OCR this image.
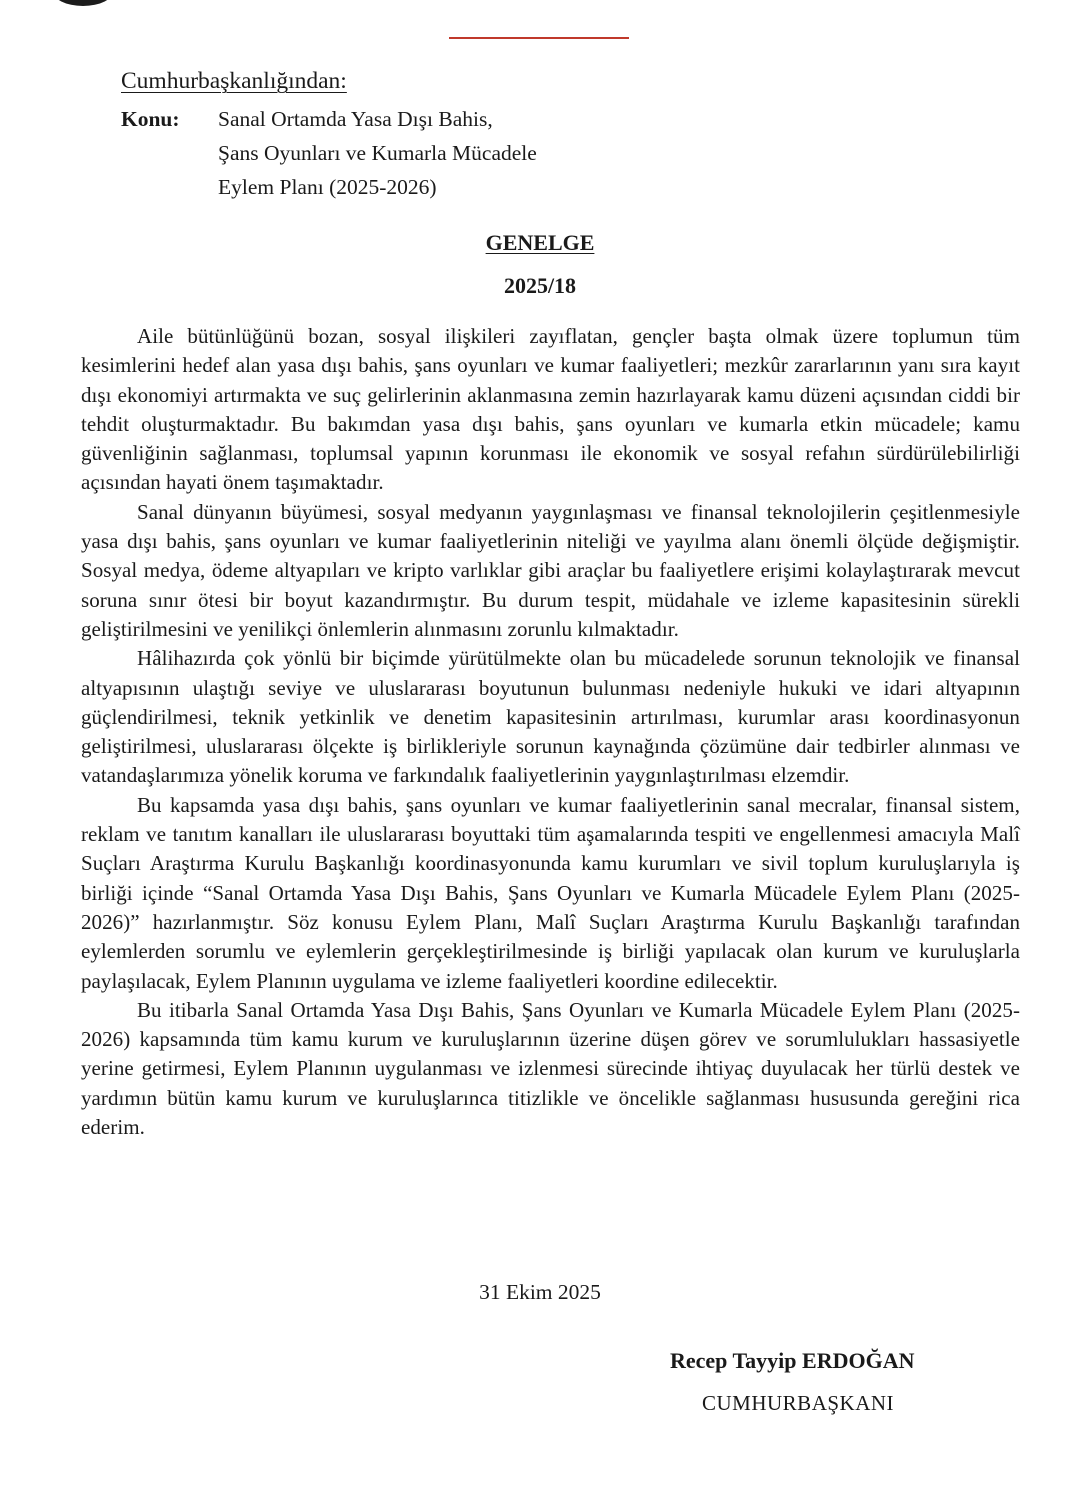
Cumhurbaşkanlığından:
Konu: Sanal Ortamda Yasa Dışı Bahis,
Şans Oyunları ve Kumarla Mücadele
Eylem Planı (2025-2026)
GENELGE
2025/18

Aile bütünlüğünü bozan, sosyal ilişkileri zayıflatan, gençler başta olmak üzere toplumun tüm kesimlerini hedef alan yasa dışı bahis, şans oyunları ve kumar faaliyetleri; mezkûr zararlarının yanı sıra kayıt dışı ekonomiyi artırmakta ve suç gelirlerinin aklanmasına zemin hazırlayarak kamu düzeni açısından ciddi bir tehdit oluşturmaktadır. Bu bakımdan yasa dışı bahis, şans oyunları ve kumarla etkin mücadele; kamu güvenliğinin sağlanması, toplumsal yapının korunması ile ekonomik ve sosyal refahın sürdürülebilirliği açısından hayati önem taşımaktadır.

Sanal dünyanın büyümesi, sosyal medyanın yaygınlaşması ve finansal teknolojilerin çeşitlenmesiyle yasa dışı bahis, şans oyunları ve kumar faaliyetlerinin niteliği ve yayılma alanı önemli ölçüde değişmiştir. Sosyal medya, ödeme altyapıları ve kripto varlıklar gibi araçlar bu faaliyetlere erişimi kolaylaştırarak mevcut soruna sınır ötesi bir boyut kazandırmıştır. Bu durum tespit, müdahale ve izleme kapasitesinin sürekli geliştirilmesini ve yenilikçi önlemlerin alınmasını zorunlu kılmaktadır.

Hâlihazırda çok yönlü bir biçimde yürütülmekte olan bu mücadelede sorunun teknolojik ve finansal altyapısının ulaştığı seviye ve uluslararası boyutunun bulunması nedeniyle hukuki ve idari altyapının güçlendirilmesi, teknik yetkinlik ve denetim kapasitesinin artırılması, kurumlar arası koordinasyonun geliştirilmesi, uluslararası ölçekte iş birlikleriyle sorunun kaynağında çözümüne dair tedbirler alınması ve vatandaşlarımıza yönelik koruma ve farkındalık faaliyetlerinin yaygınlaştırılması elzemdir.

Bu kapsamda yasa dışı bahis, şans oyunları ve kumar faaliyetlerinin sanal mecralar, finansal sistem, reklam ve tanıtım kanalları ile uluslararası boyuttaki tüm aşamalarında tespiti ve engellenmesi amacıyla Malî Suçları Araştırma Kurulu Başkanlığı koordinasyonunda kamu kurumları ve sivil toplum kuruluşlarıyla iş birliği içinde “Sanal Ortamda Yasa Dışı Bahis, Şans Oyunları ve Kumarla Mücadele Eylem Planı (2025-2026)” hazırlanmıştır. Söz konusu Eylem Planı, Malî Suçları Araştırma Kurulu Başkanlığı tarafından eylemlerden sorumlu ve eylemlerin gerçekleştirilmesinde iş birliği yapılacak olan kurum ve kuruluşlarla paylaşılacak, Eylem Planının uygulama ve izleme faaliyetleri koordine edilecektir.

Bu itibarla Sanal Ortamda Yasa Dışı Bahis, Şans Oyunları ve Kumarla Mücadele Eylem Planı (2025-2026) kapsamında tüm kamu kurum ve kuruluşlarının üzerine düşen görev ve sorumlulukları hassasiyetle yerine getirmesi, Eylem Planının uygulanması ve izlenmesi sürecinde ihtiyaç duyulacak her türlü destek ve yardımın bütün kamu kurum ve kuruluşlarınca titizlikle ve öncelikle sağlanması hususunda gereğini rica ederim.

31 Ekim 2025
Recep Tayyip ERDOĞAN
CUMHURBAŞKANI
